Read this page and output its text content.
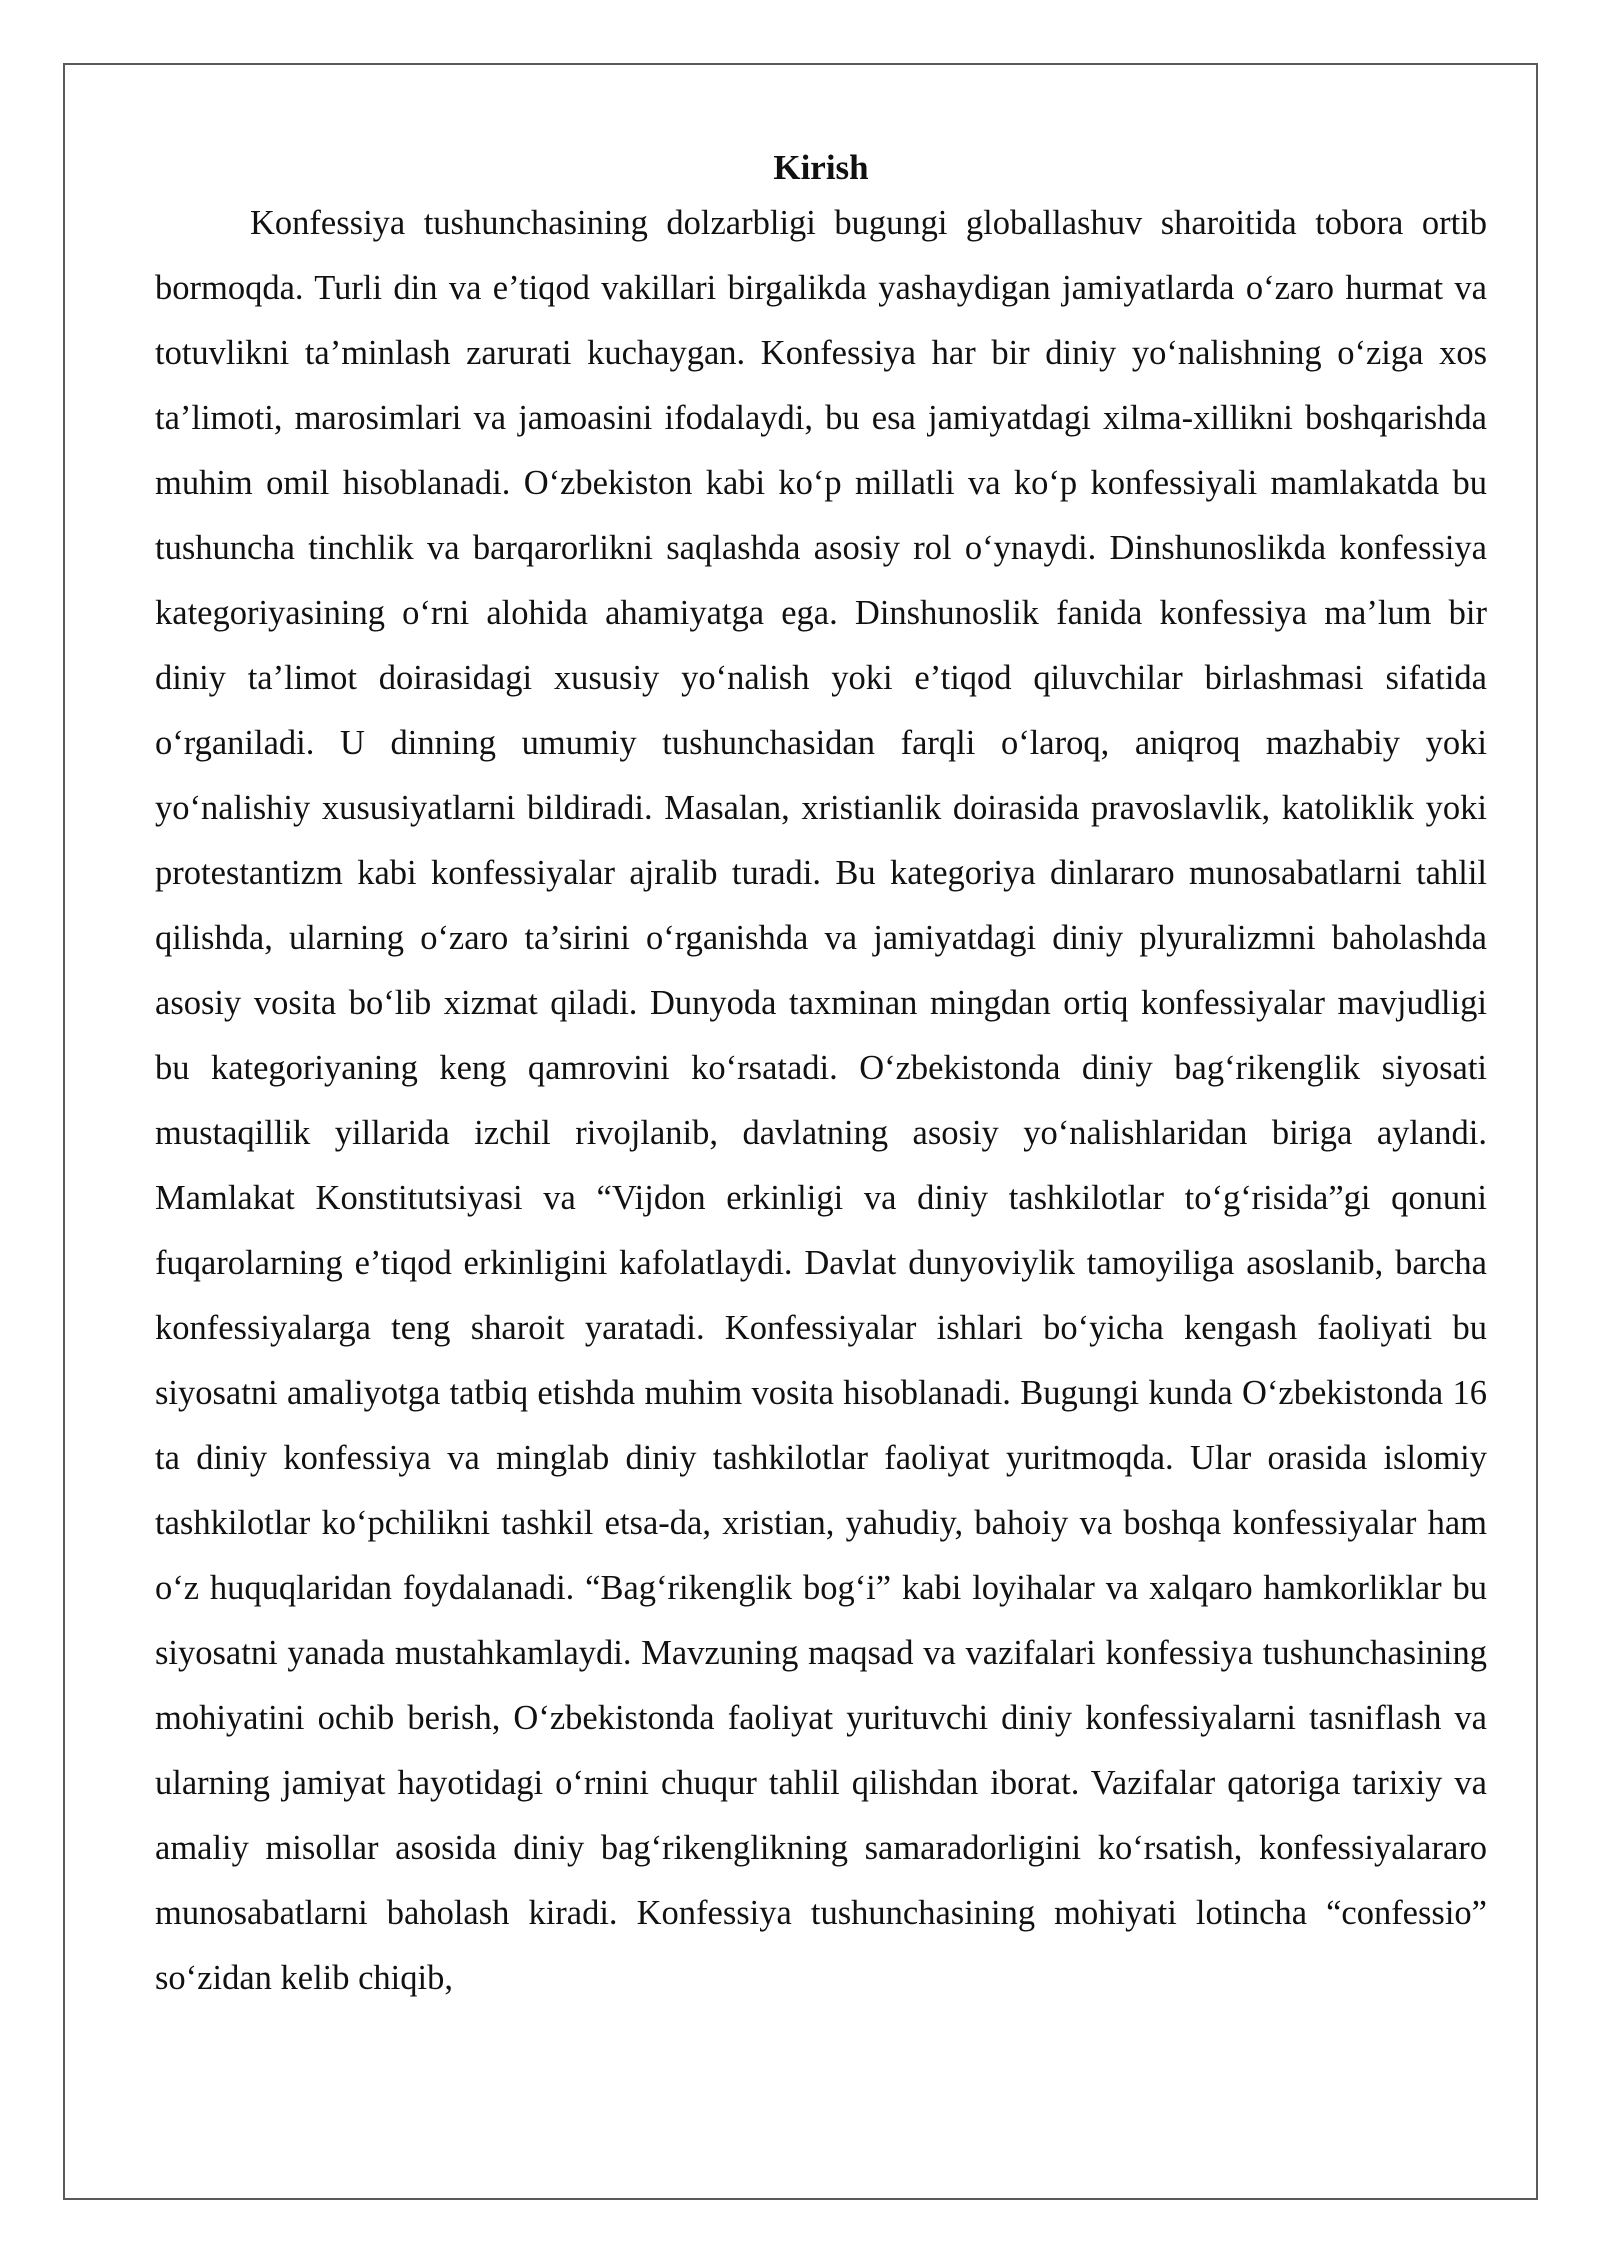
Kirish

Konfessiya tushunchasining dolzarbligi bugungi globallashuv sharoitida tobora ortib bormoqda. Turli din va e’tiqod vakillari birgalikda yashaydigan jamiyatlarda o‘zaro hurmat va totuvlikni ta’minlash zarurati kuchaygan. Konfessiya har bir diniy yo‘nalishning o‘ziga xos ta’limoti, marosimlari va jamoasini ifodalaydi, bu esa jamiyatdagi xilma-xillikni boshqarishda muhim omil hisoblanadi. O‘zbekiston kabi ko‘p millatli va ko‘p konfessiyali mamlakatda bu tushuncha tinchlik va barqarorlikni saqlashda asosiy rol o‘ynaydi. Dinshunoslikda konfessiya kategoriyasining o‘rni alohida ahamiyatga ega. Dinshunoslik fanida konfessiya ma’lum bir diniy ta’limot doirasidagi xususiy yo‘nalish yoki e’tiqod qiluvchilar birlashmasi sifatida o‘rganiladi. U dinning umumiy tushunchasidan farqli o‘laroq, aniqroq mazhabiy yoki yo‘nalishiy xususiyatlarni bildiradi. Masalan, xristianlik doirasida pravoslavlik, katoliklik yoki protestantizm kabi konfessiyalar ajralib turadi. Bu kategoriya dinlararo munosabatlarni tahlil qilishda, ularning o‘zaro ta’sirini o‘rganishda va jamiyatdagi diniy plyuralizmni baholashda asosiy vosita bo‘lib xizmat qiladi. Dunyoda taxminan mingdan ortiq konfessiyalar mavjudligi bu kategoriyaning keng qamrovini ko‘rsatadi. O‘zbekistonda diniy bag‘rikenglik siyosati mustaqillik yillarida izchil rivojlanib, davlatning asosiy yo‘nalishlaridan biriga aylandi. Mamlakat Konstitutsiyasi va “Vijdon erkinligi va diniy tashkilotlar to‘g‘risida”gi qonuni fuqarolarning e’tiqod erkinligini kafolatlaydi. Davlat dunyoviylik tamoyiliga asoslanib, barcha konfessiyalarga teng sharoit yaratadi. Konfessiyalar ishlari bo‘yicha kengash faoliyati bu siyosatni amaliyotga tatbiq etishda muhim vosita hisoblanadi. Bugungi kunda O‘zbekistonda 16 ta diniy konfessiya va minglab diniy tashkilotlar faoliyat yuritmoqda. Ular orasida islomiy tashkilotlar ko‘pchilikni tashkil etsa-da, xristian, yahudiy, bahoiy va boshqa konfessiyalar ham o‘z huquqlaridan foydalanadi. “Bag‘rikenglik bog‘i” kabi loyihalar va xalqaro hamkorliklar bu siyosatni yanada mustahkamlaydi. Mavzuning maqsad va vazifalari konfessiya tushunchasining mohiyatini ochib berish, O‘zbekistonda faoliyat yurituvchi diniy konfessiyalarni tasniflash va ularning jamiyat hayotidagi o‘rnini chuqur tahlil qilishdan iborat. Vazifalar qatoriga tarixiy va amaliy misollar asosida diniy bag‘rikenglikning samaradorligini ko‘rsatish, konfessiyalararo munosabatlarni baholash kiradi. Konfessiya tushunchasining mohiyati lotincha “confessio” so‘zidan kelib chiqib,
